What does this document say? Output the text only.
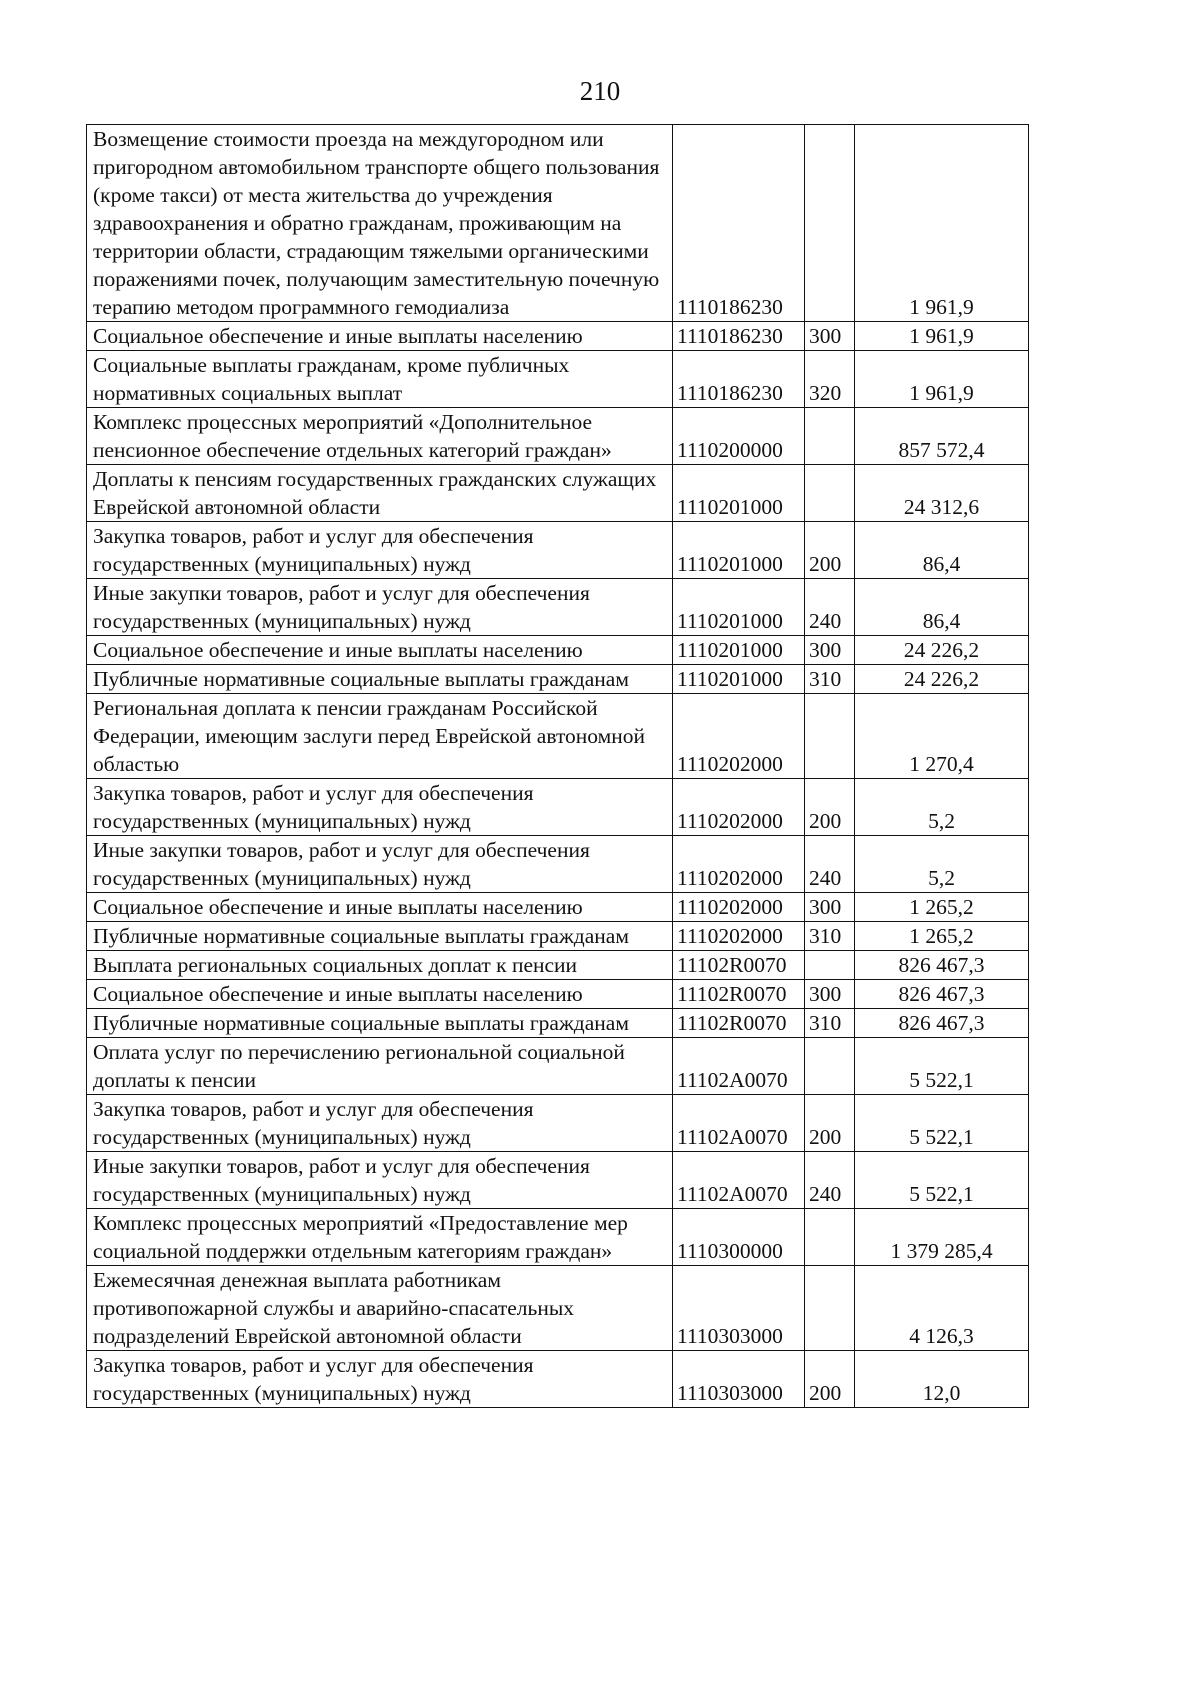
210
Возмещение стоимости проезда на междугородном или пригородном автомобильном транспорте общего пользования (кроме такси) от места жительства до учреждения здравоохранения и обратно гражданам, проживающим на территории области, страдающим тяжелыми органическими поражениями почек, получающим заместительную почечную терапию методом программного гемодиализа	1110186230		1 961,9
Социальное обеспечение и иные выплаты населению	1110186230	300	1 961,9
Социальные выплаты гражданам, кроме публичных нормативных социальных выплат	1110186230	320	1 961,9
Комплекс процессных мероприятий «Дополнительное пенсионное обеспечение отдельных категорий граждан»	1110200000		857 572,4
Доплаты к пенсиям государственных гражданских служащих Еврейской автономной области	1110201000		24 312,6
Закупка товаров, работ и услуг для обеспечения государственных (муниципальных) нужд	1110201000	200	86,4
Иные закупки товаров, работ и услуг для обеспечения государственных (муниципальных) нужд	1110201000	240	86,4
Социальное обеспечение и иные выплаты населению	1110201000	300	24 226,2
Публичные нормативные социальные выплаты гражданам	1110201000	310	24 226,2
Региональная доплата к пенсии гражданам Российской Федерации, имеющим заслуги перед Еврейской автономной областью	1110202000		1 270,4
Закупка товаров, работ и услуг для обеспечения государственных (муниципальных) нужд	1110202000	200	5,2
Иные закупки товаров, работ и услуг для обеспечения государственных (муниципальных) нужд	1110202000	240	5,2
Социальное обеспечение и иные выплаты населению	1110202000	300	1 265,2
Публичные нормативные социальные выплаты гражданам	1110202000	310	1 265,2
Выплата региональных социальных доплат к пенсии	11102R0070		826 467,3
Социальное обеспечение и иные выплаты населению	11102R0070	300	826 467,3
Публичные нормативные социальные выплаты гражданам	11102R0070	310	826 467,3
Оплата услуг по перечислению региональной социальной доплаты к пенсии	11102A0070		5 522,1
Закупка товаров, работ и услуг для обеспечения государственных (муниципальных) нужд	11102A0070	200	5 522,1
Иные закупки товаров, работ и услуг для обеспечения государственных (муниципальных) нужд	11102A0070	240	5 522,1
Комплекс процессных мероприятий «Предоставление мер социальной поддержки отдельным категориям граждан»	1110300000		1 379 285,4
Ежемесячная денежная выплата работникам противопожарной службы и аварийно-спасательных подразделений Еврейской автономной области	1110303000		4 126,3
Закупка товаров, работ и услуг для обеспечения государственных (муниципальных) нужд	1110303000	200	12,0
